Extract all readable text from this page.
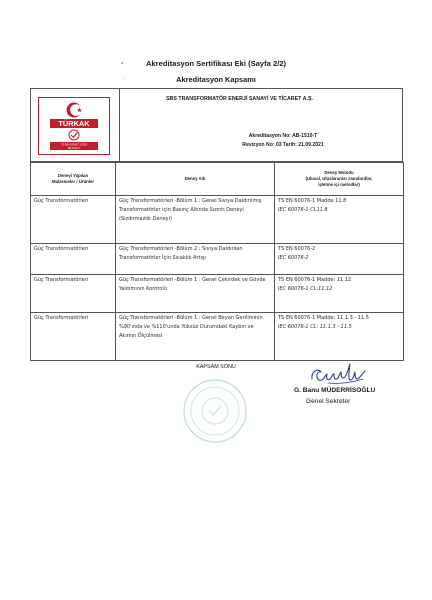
Akreditasyon Sertifikası Eki (Sayfa 2/2)
Akreditasyon Kapsamı
TÜRKAK
TS EN ISO/IEC 17025
AB-1510-T
SBS TRANSFORMATÖR ENERJİ SANAYİ VE TİCARET A.Ş.
Akreditasyon No: AB-1510-T
Revizyon No: 03 Tarih: 21.09.2021
Deneyi Yapılan
Malzemeler / Ürünler	Deney Adı	Deney Metodu
(Ulusal, Uluslararası standardlar,
işletme içi metodlar)
Güç Transformatörleri	Güç Transformatörleri -Bölüm 1 : Genel Sıvıya Daldırılmış Transformatörler için Basınç Altında Sızıntı Deneyi (Sızdırmazlık Deneyi)	TS EN 60076-1 Madde 11.8
IEC 60076-1 CL11.8

Güç Transformatörleri	Güç Transformatörleri -Bölüm 2 : Sıvıya Daldırılan Transformatörler İçin Sıcaklık Artışı	TS EN 60076-2
IEC 60076-2

Güç Transformatörleri	Güç Transformatörleri -Bölüm 1 : Genel Çekirdek ve Gövde Yalıtımının Kontrolü	TS EN 60076-1 Madde: 11.12
IEC 60076-1 CL:11.12

Güç Transformatörleri	Güç Transformatörleri -Bölüm 1 : Genel Beyan Geriliminin %90'ında ve %110'unda Yüksüz Durumdaki Kaybın ve Akımın Ölçülmesi	TS EN 60076-1 Madde: 11.1.3 - 11.5
IEC 60076-1 CL: 11.1.3 - 11.5
KAPSAM SONU
G. Banu MÜDERRİSOĞLU
Genel Sekreter
